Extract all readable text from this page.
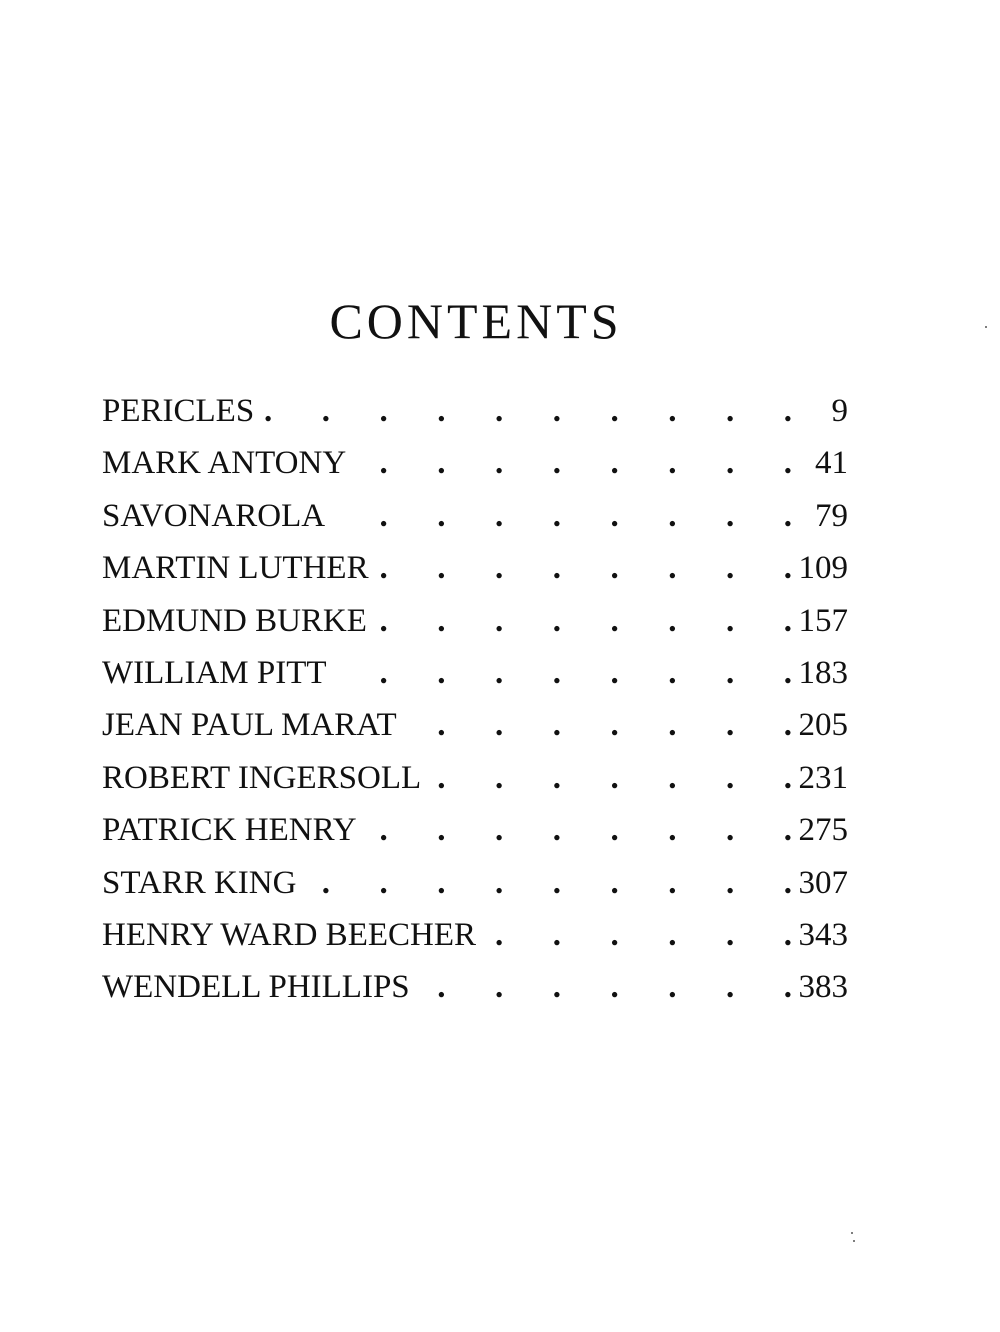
CONTENTS
PERICLES .	9
MARK ANTONY .	41
SAVONAROLA .	79
MARTIN LUTHER .	109
EDMUND BURKE .	157
WILLIAM PITT .	183
JEAN PAUL MARAT .	205
ROBERT INGERSOLL .	231
PATRICK HENRY .	275
STARR KING .	307
HENRY WARD BEECHER .	343
WENDELL PHILLIPS .	383
